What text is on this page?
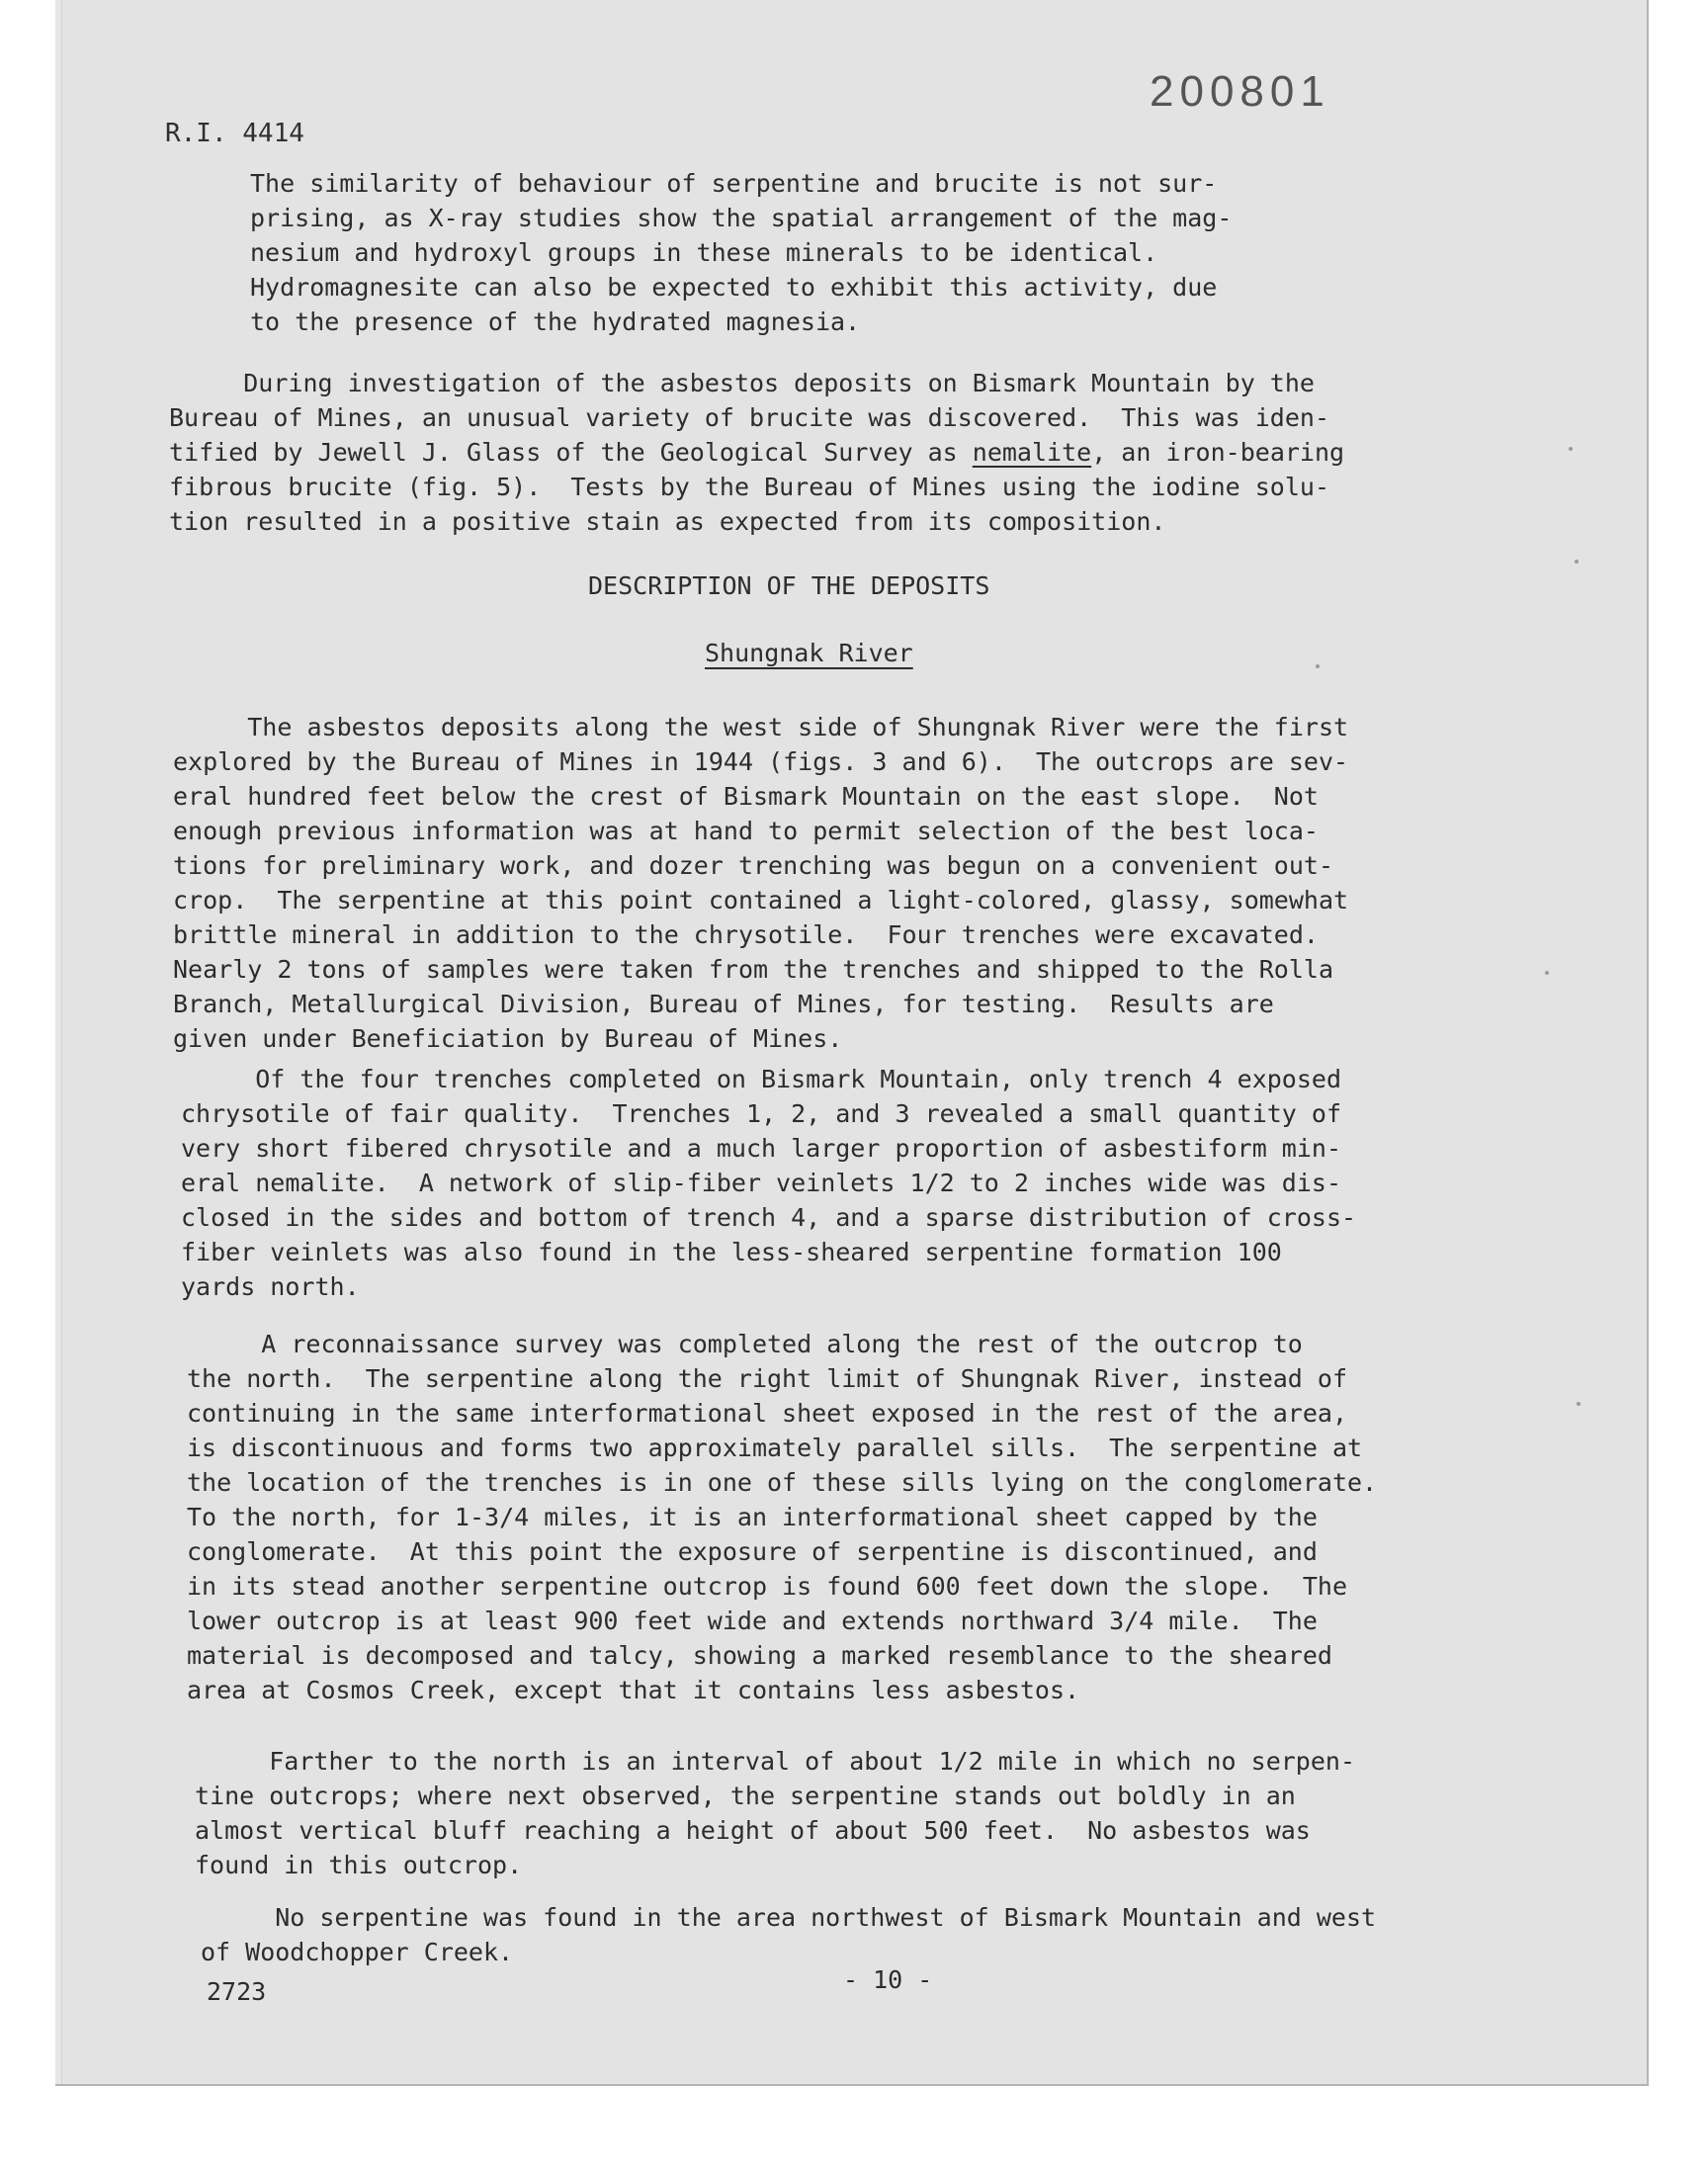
200801
R.I. 4414
The similarity of behaviour of serpentine and brucite is not sur-
prising, as X-ray studies show the spatial arrangement of the mag-
nesium and hydroxyl groups in these minerals to be identical.
Hydromagnesite can also be expected to exhibit this activity, due
to the presence of the hydrated magnesia.
During investigation of the asbestos deposits on Bismark Mountain by the
Bureau of Mines, an unusual variety of brucite was discovered.  This was iden-
tified by Jewell J. Glass of the Geological Survey as nemalite, an iron-bearing
fibrous brucite (fig. 5).  Tests by the Bureau of Mines using the iodine solu-
tion resulted in a positive stain as expected from its composition.
DESCRIPTION OF THE DEPOSITS
Shungnak River
The asbestos deposits along the west side of Shungnak River were the first
explored by the Bureau of Mines in 1944 (figs. 3 and 6).  The outcrops are sev-
eral hundred feet below the crest of Bismark Mountain on the east slope.  Not
enough previous information was at hand to permit selection of the best loca-
tions for preliminary work, and dozer trenching was begun on a convenient out-
crop.  The serpentine at this point contained a light-colored, glassy, somewhat
brittle mineral in addition to the chrysotile.  Four trenches were excavated.
Nearly 2 tons of samples were taken from the trenches and shipped to the Rolla
Branch, Metallurgical Division, Bureau of Mines, for testing.  Results are
given under Beneficiation by Bureau of Mines.
Of the four trenches completed on Bismark Mountain, only trench 4 exposed
chrysotile of fair quality.  Trenches 1, 2, and 3 revealed a small quantity of
very short fibered chrysotile and a much larger proportion of asbestiform min-
eral nemalite.  A network of slip-fiber veinlets 1/2 to 2 inches wide was dis-
closed in the sides and bottom of trench 4, and a sparse distribution of cross-
fiber veinlets was also found in the less-sheared serpentine formation 100
yards north.
A reconnaissance survey was completed along the rest of the outcrop to
the north.  The serpentine along the right limit of Shungnak River, instead of
continuing in the same interformational sheet exposed in the rest of the area,
is discontinuous and forms two approximately parallel sills.  The serpentine at
the location of the trenches is in one of these sills lying on the conglomerate.
To the north, for 1-3/4 miles, it is an interformational sheet capped by the
conglomerate.  At this point the exposure of serpentine is discontinued, and
in its stead another serpentine outcrop is found 600 feet down the slope.  The
lower outcrop is at least 900 feet wide and extends northward 3/4 mile.  The
material is decomposed and talcy, showing a marked resemblance to the sheared
area at Cosmos Creek, except that it contains less asbestos.
Farther to the north is an interval of about 1/2 mile in which no serpen-
tine outcrops; where next observed, the serpentine stands out boldly in an
almost vertical bluff reaching a height of about 500 feet.  No asbestos was
found in this outcrop.
No serpentine was found in the area northwest of Bismark Mountain and west
of Woodchopper Creek.
2723	- 10 -
